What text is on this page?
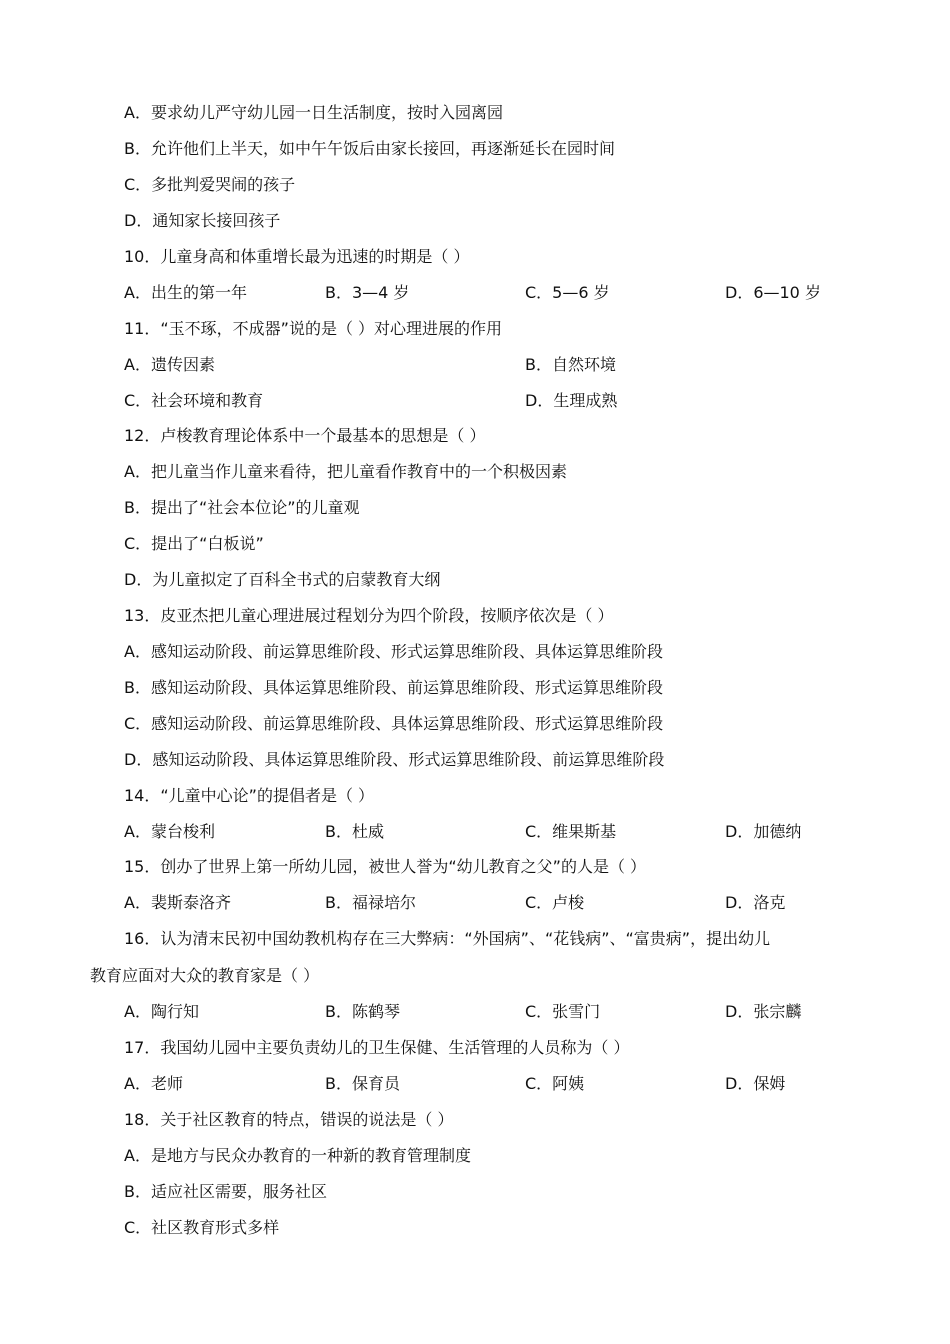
A．要求幼儿严守幼儿园一日生活制度，按时入园离园
B．允许他们上半天，如中午午饭后由家长接回，再逐渐延长在园时间
C．多批判爱哭闹的孩子
D．通知家长接回孩子
10．儿童身高和体重增长最为迅速的时期是（ ）
A．出生的第一年	B．3—4 岁	C．5—6 岁	D．6—10 岁
11．“玉不琢，不成器”说的是（ ）对心理进展的作用
A．遗传因素	B．自然环境
C．社会环境和教育	D．生理成熟
12．卢梭教育理论体系中一个最基本的思想是（ ）
A．把儿童当作儿童来看待，把儿童看作教育中的一个积极因素
B．提出了“社会本位论”的儿童观
C．提出了“白板说”
D．为儿童拟定了百科全书式的启蒙教育大纲
13．皮亚杰把儿童心理进展过程划分为四个阶段，按顺序依次是（ ）
A．感知运动阶段、前运算思维阶段、形式运算思维阶段、具体运算思维阶段
B．感知运动阶段、具体运算思维阶段、前运算思维阶段、形式运算思维阶段
C．感知运动阶段、前运算思维阶段、具体运算思维阶段、形式运算思维阶段
D．感知运动阶段、具体运算思维阶段、形式运算思维阶段、前运算思维阶段
14．“儿童中心论”的提倡者是（ ）
A．蒙台梭利	B．杜威	C．维果斯基	D．加德纳
15．创办了世界上第一所幼儿园，被世人誉为“幼儿教育之父”的人是（ ）
A．裴斯泰洛齐	B．福禄培尔	C．卢梭	D．洛克
16．认为清末民初中国幼教机构存在三大弊病：“外国病”、“花钱病”、“富贵病”，提出幼儿
教育应面对大众的教育家是（ ）
A．陶行知	B．陈鹤琴	C．张雪门	D．张宗麟
17．我国幼儿园中主要负责幼儿的卫生保健、生活管理的人员称为（ ）
A．老师	B．保育员	C．阿姨	D．保姆
18．关于社区教育的特点，错误的说法是（ ）
A．是地方与民众办教育的一种新的教育管理制度
B．适应社区需要，服务社区
C．社区教育形式多样
